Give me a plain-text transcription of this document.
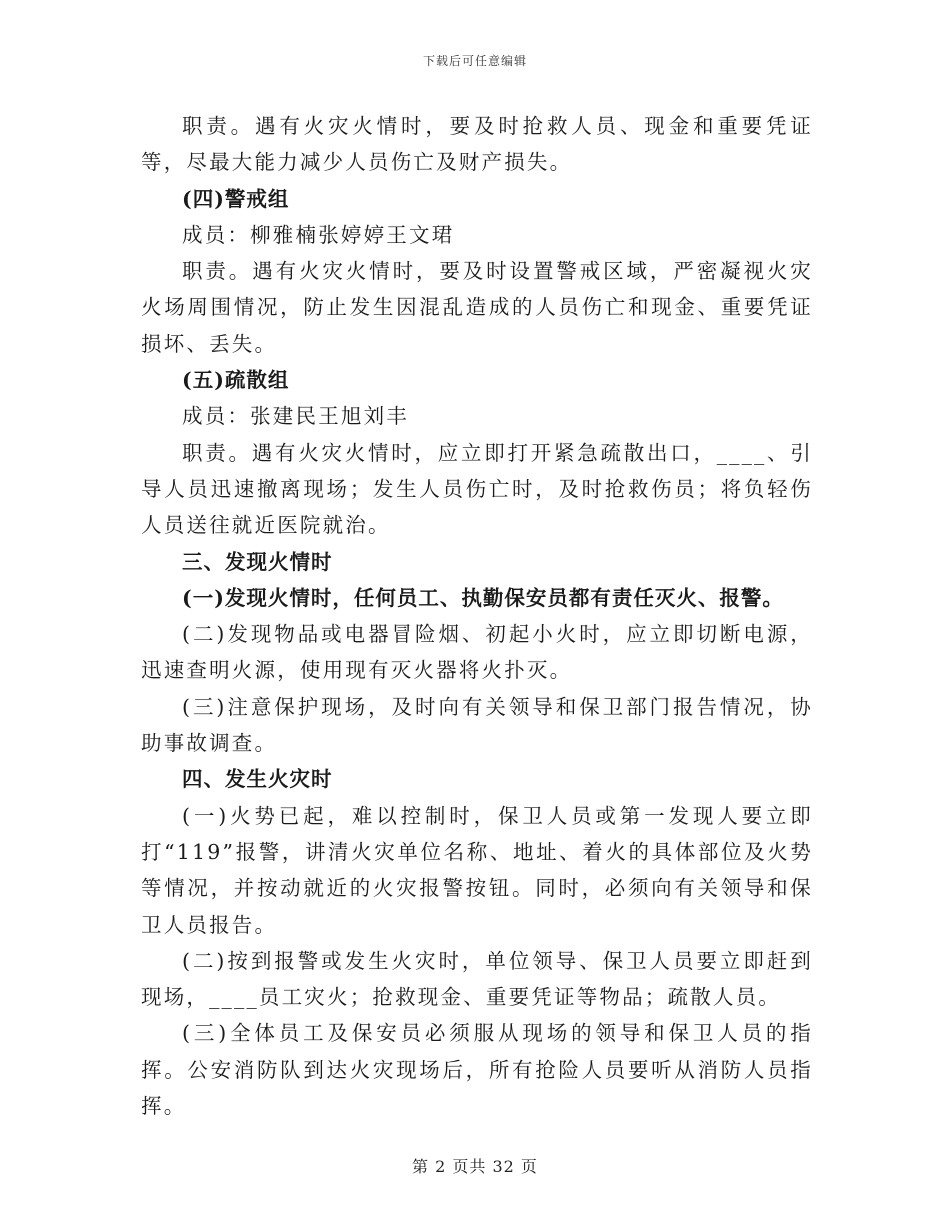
下载后可任意编辑

职责。遇有火灾火情时，要及时抢救人员、现金和重要凭证等，尽最大能力减少人员伤亡及财产损失。

(四)警戒组

成员：柳雅楠张婷婷王文珺

职责。遇有火灾火情时，要及时设置警戒区域，严密凝视火灾火场周围情况，防止发生因混乱造成的人员伤亡和现金、重要凭证损坏、丢失。

(五)疏散组

成员：张建民王旭刘丰

职责。遇有火灾火情时，应立即打开紧急疏散出口，____、引导人员迅速撤离现场；发生人员伤亡时，及时抢救伤员；将负轻伤人员送往就近医院就治。

三、发现火情时

(一)发现火情时，任何员工、执勤保安员都有责任灭火、报警。

(二)发现物品或电器冒险烟、初起小火时，应立即切断电源，迅速查明火源，使用现有灭火器将火扑灭。

(三)注意保护现场，及时向有关领导和保卫部门报告情况，协助事故调查。

四、发生火灾时

(一)火势已起，难以控制时，保卫人员或第一发现人要立即打“119”报警，讲清火灾单位名称、地址、着火的具体部位及火势等情况，并按动就近的火灾报警按钮。同时，必须向有关领导和保卫人员报告。

(二)按到报警或发生火灾时，单位领导、保卫人员要立即赶到现场，____员工灾火；抢救现金、重要凭证等物品；疏散人员。

(三)全体员工及保安员必须服从现场的领导和保卫人员的指挥。公安消防队到达火灾现场后，所有抢险人员要听从消防人员指挥。

第 2 页共 32 页
